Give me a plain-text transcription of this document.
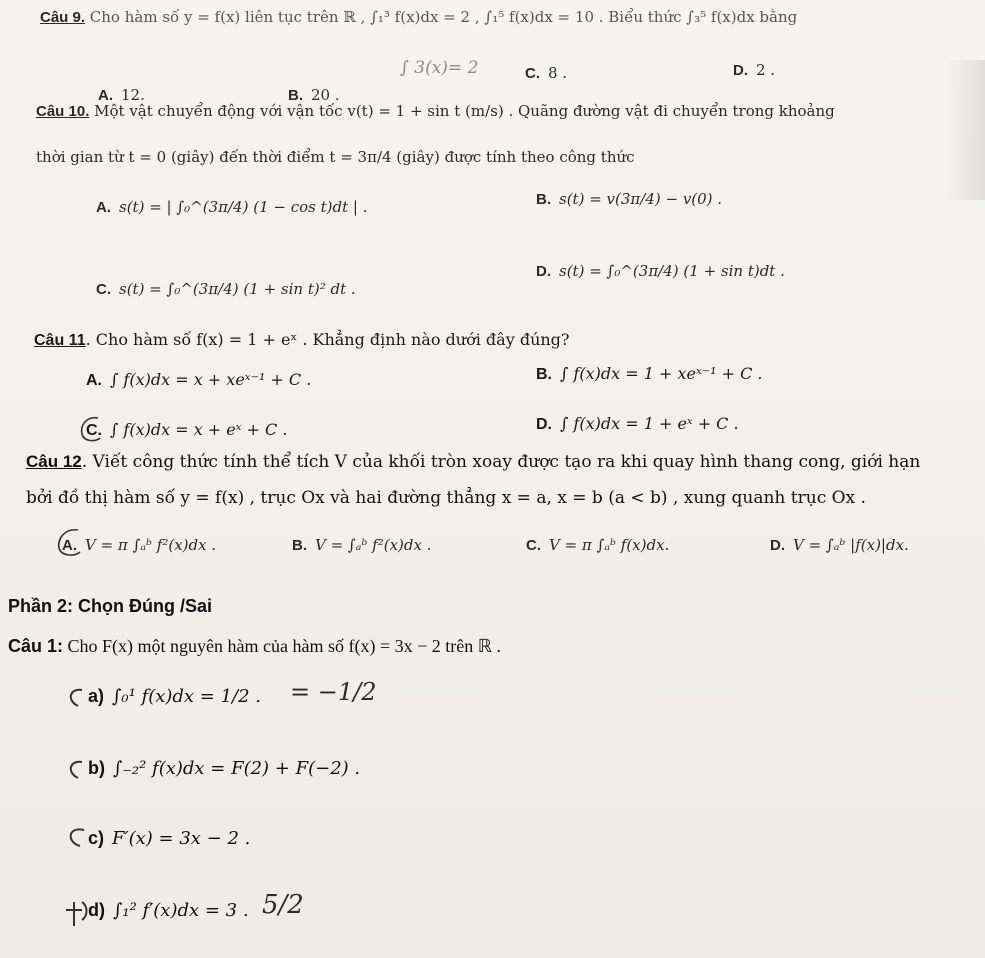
Câu 9. Cho hàm số y = f(x) liên tục trên ℝ , ∫₁³ f(x)dx = 2 , ∫₁⁵ f(x)dx = 10 . Biểu thức ∫₃⁵ f(x)dx bằng
A. 12.	B. 20 .
C. 8 .	D. 2 .
∫ 3(x)= 2
Câu 10. Một vật chuyển động với vận tốc v(t) = 1 + sin t (m/s) . Quãng đường vật đi chuyển trong khoảng
thời gian từ t = 0 (giây) đến thời điểm t = 3π/4 (giây) được tính theo công thức
A. s(t) = | ∫₀^(3π/4) (1 − cos t)dt | .	B. s(t) = v(3π/4) − v(0) .
C. s(t) = ∫₀^(3π/4) (1 + sin t)² dt .
D. s(t) = ∫₀^(3π/4) (1 + sin t)dt .
Câu 11. Cho hàm số f(x) = 1 + eˣ . Khẳng định nào dưới đây đúng?
A. ∫ f(x)dx = x + xeˣ⁻¹ + C .	B. ∫ f(x)dx = 1 + xeˣ⁻¹ + C .
C. ∫ f(x)dx = x + eˣ + C .	D. ∫ f(x)dx = 1 + eˣ + C .
Câu 12. Viết công thức tính thể tích V của khối tròn xoay được tạo ra khi quay hình thang cong, giới hạn
bởi đồ thị hàm số y = f(x) , trục Ox và hai đường thẳng x = a, x = b (a < b) , xung quanh trục Ox .
A. V = π ∫ₐᵇ f²(x)dx .	B. V = ∫ₐᵇ f²(x)dx .	C. V = π ∫ₐᵇ f(x)dx.	D. V = ∫ₐᵇ |f(x)|dx.
Phần 2: Chọn Đúng /Sai
Câu 1: Cho F(x) một nguyên hàm của hàm số f(x) = 3x − 2 trên ℝ .
a) ∫₀¹ f(x)dx = 1/2 . = −1/2
b) ∫₋₂² f(x)dx = F(2) + F(−2) .
c) F′(x) = 3x − 2 .
d) ∫₁² f′(x)dx = 3 . 5/2
